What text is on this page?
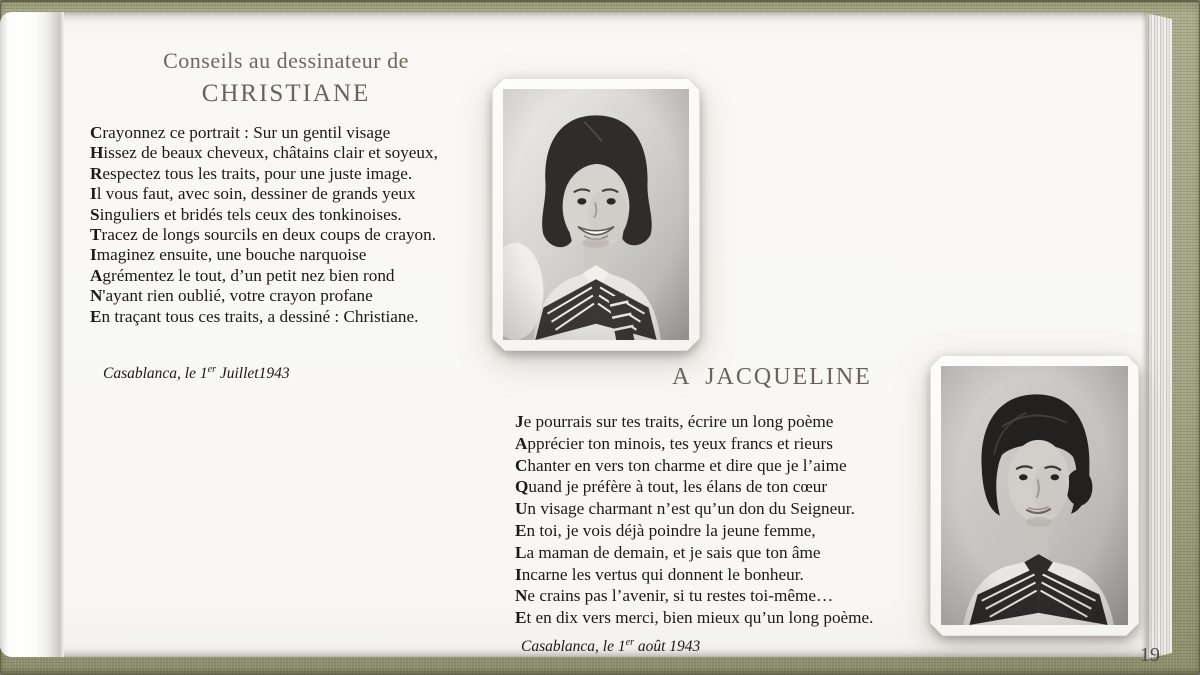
Conseils au dessinateur de
CHRISTIANE
Crayonnez ce portrait : Sur un gentil visage
Hissez de beaux cheveux, châtains clair et soyeux,
Respectez tous les traits, pour une juste image.
Il vous faut, avec soin, dessiner de grands yeux
Singuliers et bridés tels ceux des tonkinoises.
Tracez de longs sourcils en deux coups de crayon.
Imaginez ensuite, une bouche narquoise
Agrémentez le tout, d’un petit nez bien rond
N'ayant rien oublié, votre crayon profane
En traçant tous ces traits, a dessiné : Christiane.

Casablanca, le 1er Juillet1943	A JACQUELINE
Je pourrais sur tes traits, écrire un long poème
Apprécier ton minois, tes yeux francs et rieurs
Chanter en vers ton charme et dire que je l’aime
Quand je préfère à tout, les élans de ton cœur
Un visage charmant n’est qu’un don du Seigneur.
En toi, je vois déjà poindre la jeune femme,
La maman de demain, et je sais que ton âme
Incarne les vertus qui donnent le bonheur.
Ne crains pas l’avenir, si tu restes toi-même…
Et en dix vers merci, bien mieux qu’un long poème.

Casablanca, le 1er août 1943	19
